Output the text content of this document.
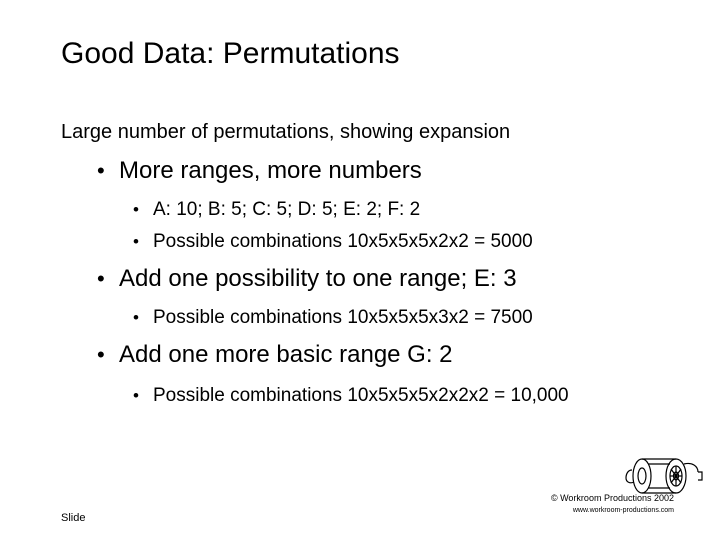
Good Data: Permutations
Large number of permutations, showing expansion
• More ranges, more numbers
• A: 10; B: 5; C: 5; D: 5; E: 2; F: 2
• Possible combinations 10x5x5x5x2x2 = 5000
• Add one possibility to one range; E: 3
• Possible combinations 10x5x5x5x3x2 = 7500
• Add one more basic range G: 2
• Possible combinations 10x5x5x5x2x2x2 = 10,000
© Workroom Productions 2002
www.workroom-productions.com
Slide
